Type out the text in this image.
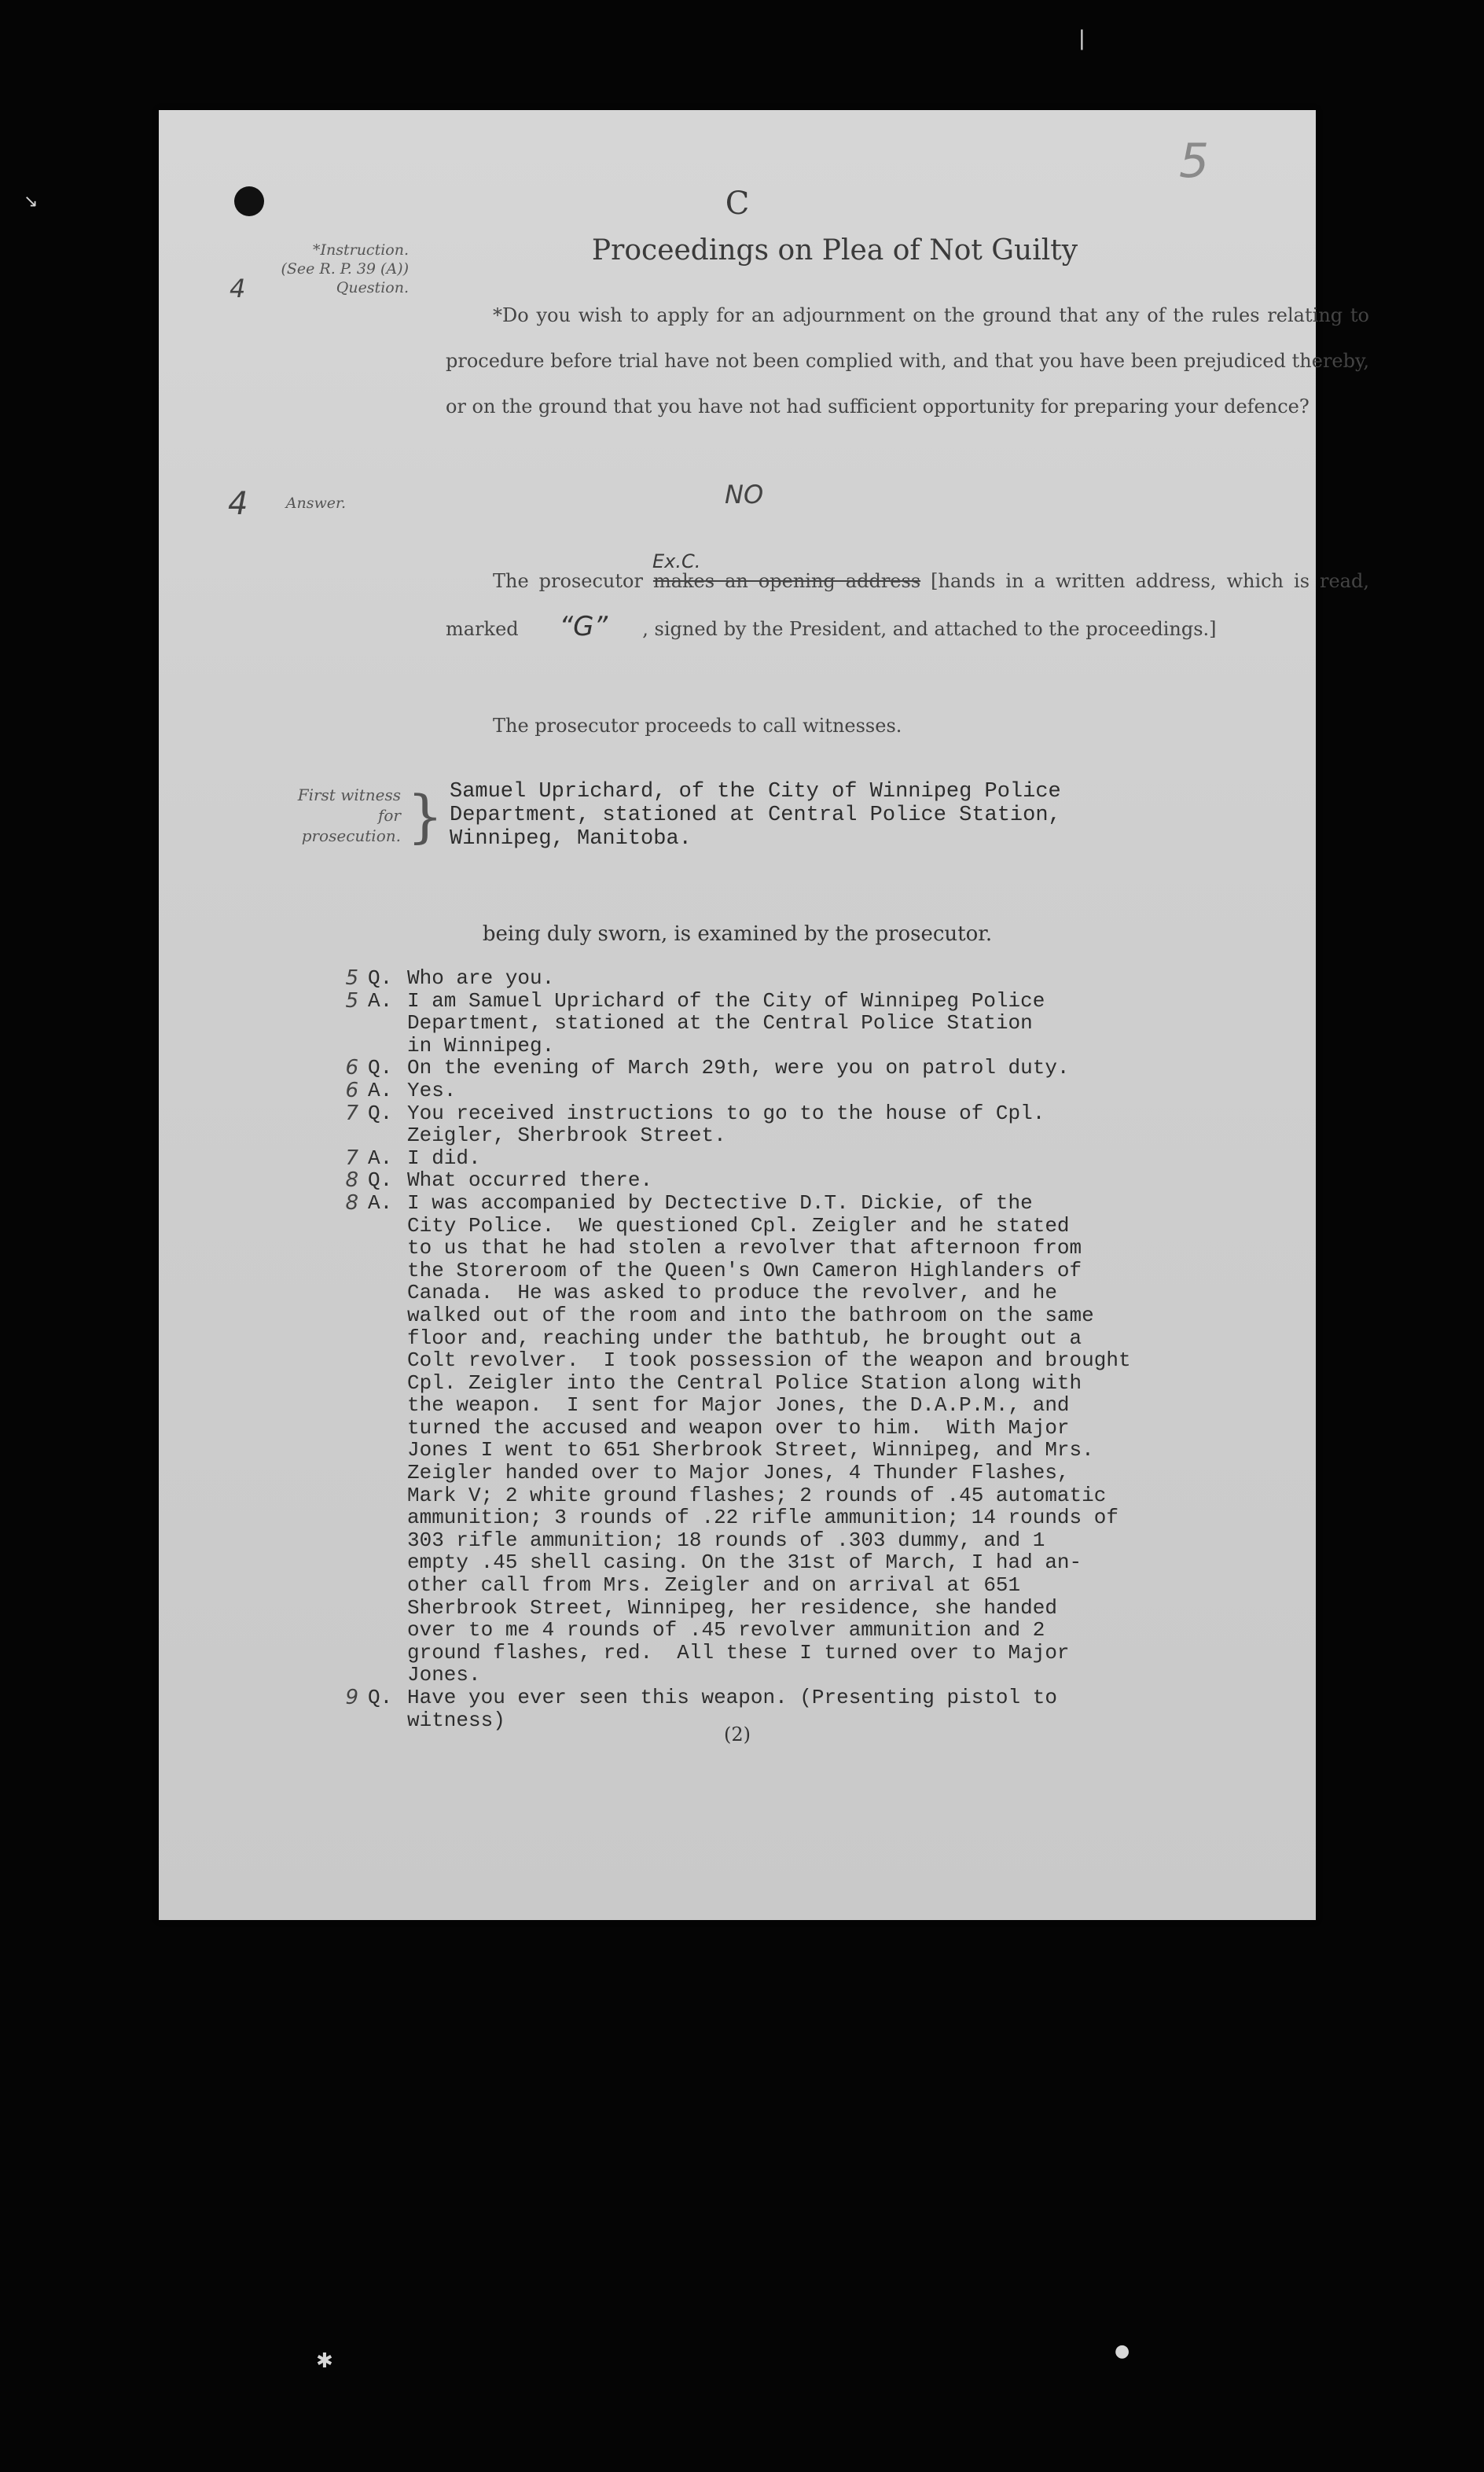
|
↘
✱	●
5
C
Proceedings on Plea of Not Guilty
*Instruction.
(See R. P. 39 (A))
Question.
4
Answer.
4
*Do you wish to apply for an adjournment on the ground that any of the rules relating to procedure before trial have not been complied with, and that you have been prejudiced thereby, or on the ground that you have not had sufficient opportunity for preparing your defence?
NO
Ex.C.
The prosecutor makes an opening address [hands in a written address, which is read, marked “G” , signed by the President, and attached to the proceedings.]
The prosecutor proceeds to call witnesses.
First witness
for
prosecution. } Samuel Uprichard, of the City of Winnipeg Police
Department, stationed at Central Police Station,
Winnipeg, Manitoba.
being duly sworn, is examined by the prosecutor.
5 Q. Who are you.
5 A. I am Samuel Uprichard of the City of Winnipeg Police
Department, stationed at the Central Police Station
in Winnipeg.
6 Q. On the evening of March 29th, were you on patrol duty.
6 A. Yes.
7 Q. You received instructions to go to the house of Cpl.
Zeigler, Sherbrook Street.
7 A. I did.
8 Q. What occurred there.
8 A. I was accompanied by Dectective D.T. Dickie, of the
City Police.  We questioned Cpl. Zeigler and he stated
to us that he had stolen a revolver that afternoon from
the Storeroom of the Queen's Own Cameron Highlanders of
Canada.  He was asked to produce the revolver, and he
walked out of the room and into the bathroom on the same
floor and, reaching under the bathtub, he brought out a
Colt revolver.  I took possession of the weapon and brought
Cpl. Zeigler into the Central Police Station along with
the weapon.  I sent for Major Jones, the D.A.P.M., and
turned the accused and weapon over to him.  With Major
Jones I went to 651 Sherbrook Street, Winnipeg, and Mrs.
Zeigler handed over to Major Jones, 4 Thunder Flashes,
Mark V; 2 white ground flashes; 2 rounds of .45 automatic
ammunition; 3 rounds of .22 rifle ammunition; 14 rounds of
303 rifle ammunition; 18 rounds of .303 dummy, and 1
empty .45 shell casing. On the 31st of March, I had an-
other call from Mrs. Zeigler and on arrival at 651
Sherbrook Street, Winnipeg, her residence, she handed
over to me 4 rounds of .45 revolver ammunition and 2
ground flashes, red.  All these I turned over to Major
Jones.
9 Q. Have you ever seen this weapon. (Presenting pistol to
witness)
(2)
